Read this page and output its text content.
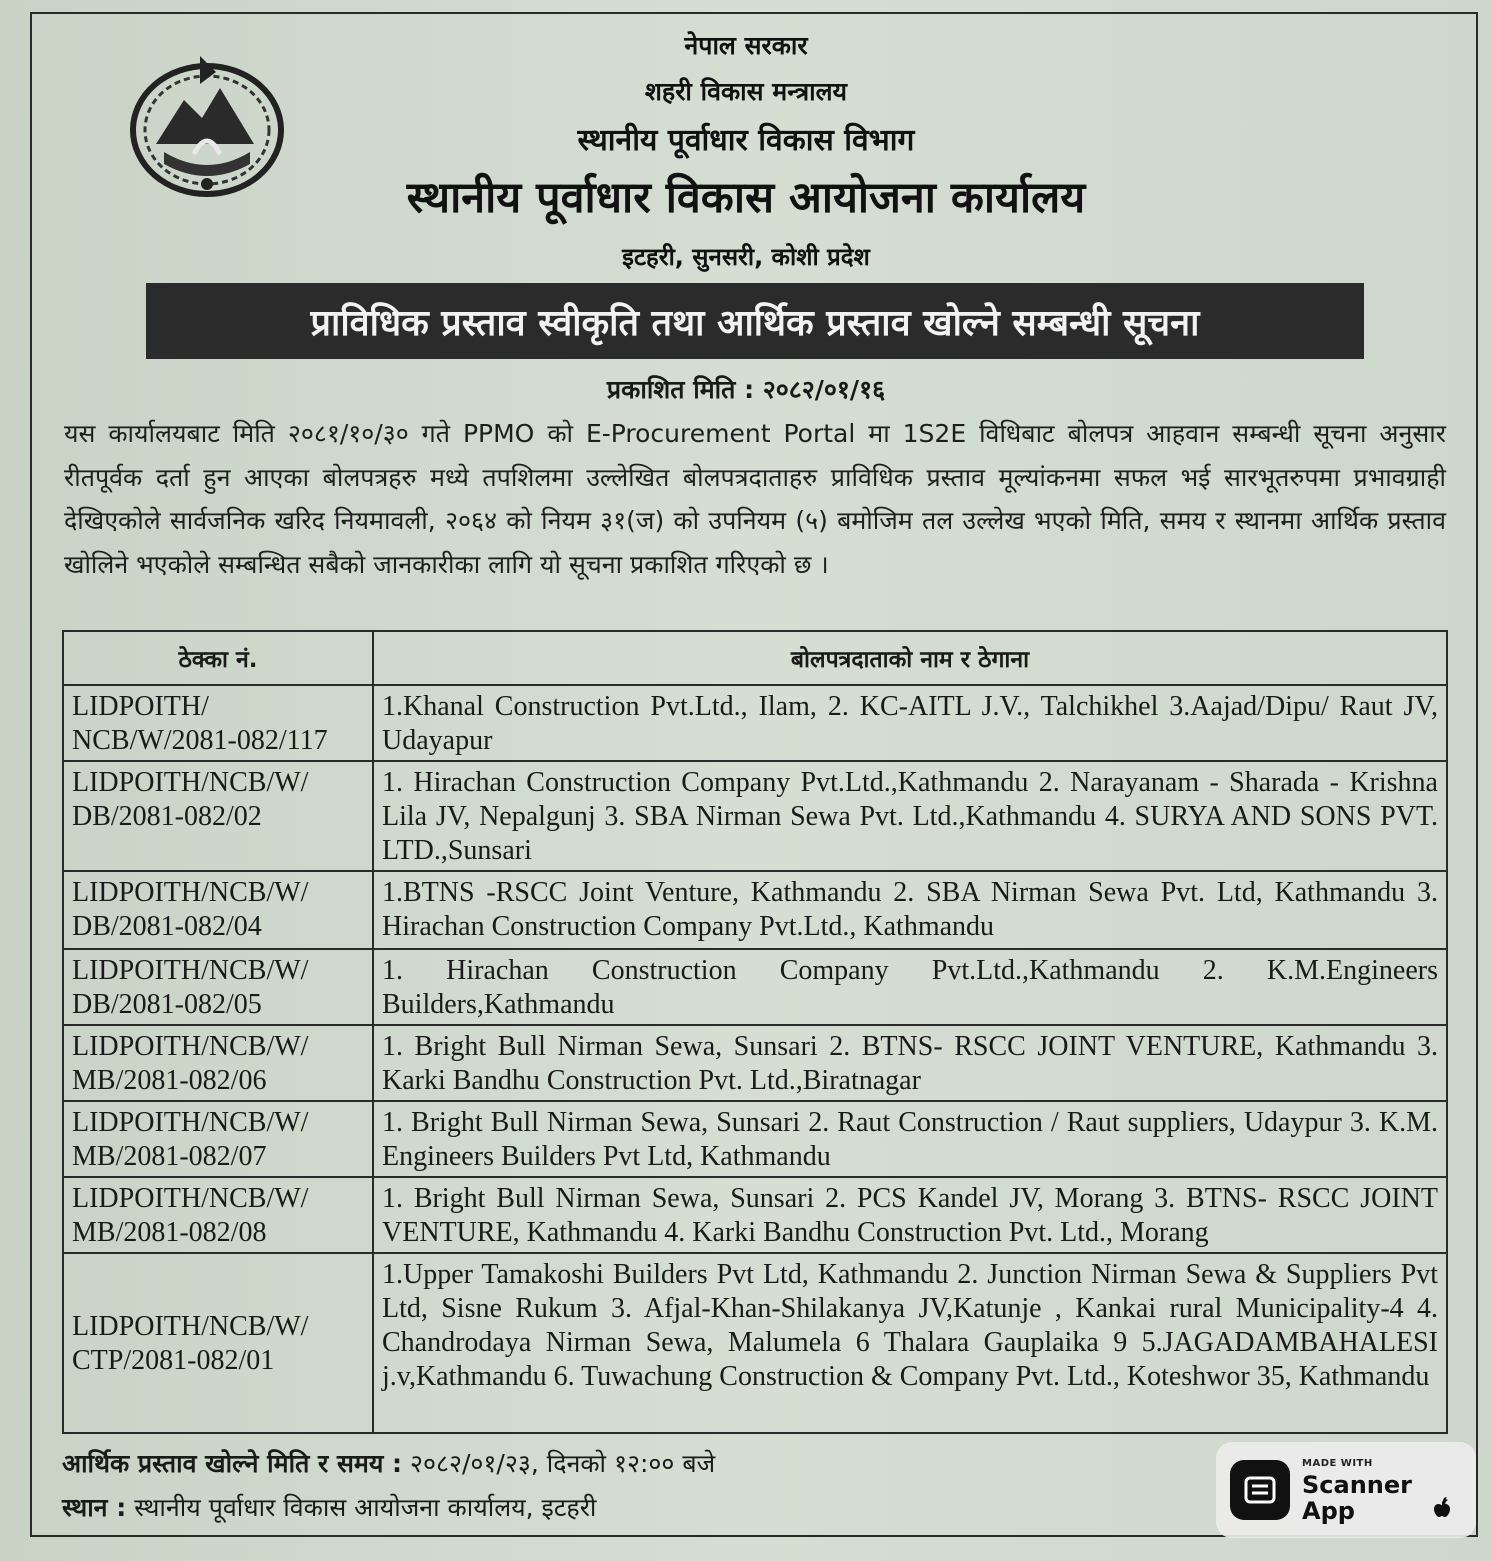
नेपाल सरकार
शहरी विकास मन्त्रालय
स्थानीय पूर्वाधार विकास विभाग
स्थानीय पूर्वाधार विकास आयोजना कार्यालय
इटहरी, सुनसरी, कोशी प्रदेश
प्राविधिक प्रस्ताव स्वीकृति तथा आर्थिक प्रस्ताव खोल्ने सम्बन्धी सूचना
प्रकाशित मिति : २०८२/०१/१६
यस कार्यालयबाट मिति २०८१/१०/३० गते PPMO को E-Procurement Portal मा 1S2E विधिबाट बोलपत्र आहवान सम्बन्धी सूचना अनुसार रीतपूर्वक दर्ता हुन आएका बोलपत्रहरु मध्ये तपशिलमा उल्लेखित बोलपत्रदाताहरु प्राविधिक प्रस्ताव मूल्यांकनमा सफल भई सारभूतरुपमा प्रभावग्राही देखिएकोले सार्वजनिक खरिद नियमावली, २०६४ को नियम ३१(ज) को उपनियम (५) बमोजिम तल उल्लेख भएको मिति, समय र स्थानमा आर्थिक प्रस्ताव खोलिने भएकोले सम्बन्धित सबैको जानकारीका लागि यो सूचना प्रकाशित गरिएको छ ।
ठेक्का नं.	बोलपत्रदाताको नाम र ठेगाना
LIDPOITH/ NCB/W/2081-082/117	1.Khanal Construction Pvt.Ltd., Ilam, 2. KC-AITL J.V., Talchikhel 3.Aajad/Dipu/ Raut JV, Udayapur
LIDPOITH/NCB/W/ DB/2081-082/02	1. Hirachan Construction Company Pvt.Ltd.,Kathmandu 2. Narayanam - Sharada - Krishna Lila JV, Nepalgunj 3. SBA Nirman Sewa Pvt. Ltd.,Kathmandu 4. SURYA AND SONS PVT. LTD.,Sunsari
LIDPOITH/NCB/W/ DB/2081-082/04	1.BTNS -RSCC Joint Venture, Kathmandu 2. SBA Nirman Sewa Pvt. Ltd, Kathmandu 3. Hirachan Construction Company Pvt.Ltd., Kathmandu
LIDPOITH/NCB/W/ DB/2081-082/05	1. Hirachan Construction Company Pvt.Ltd.,Kathmandu 2. K.M.Engineers Builders,Kathmandu
LIDPOITH/NCB/W/ MB/2081-082/06	1. Bright Bull Nirman Sewa, Sunsari 2. BTNS- RSCC JOINT VENTURE, Kathmandu 3. Karki Bandhu Construction Pvt. Ltd.,Biratnagar
LIDPOITH/NCB/W/ MB/2081-082/07	1. Bright Bull Nirman Sewa, Sunsari 2. Raut Construction / Raut suppliers, Udaypur 3. K.M. Engineers Builders Pvt Ltd, Kathmandu
LIDPOITH/NCB/W/ MB/2081-082/08	1. Bright Bull Nirman Sewa, Sunsari 2. PCS Kandel JV, Morang 3. BTNS- RSCC JOINT VENTURE, Kathmandu 4. Karki Bandhu Construction Pvt. Ltd., Morang
LIDPOITH/NCB/W/ CTP/2081-082/01	1.Upper Tamakoshi Builders Pvt Ltd, Kathmandu 2. Junction Nirman Sewa & Suppliers Pvt Ltd, Sisne Rukum 3. Afjal-Khan-Shilakanya JV,Katunje , Kankai rural Municipality-4 4. Chandrodaya Nirman Sewa, Malumela 6 Thalara Gauplaika 9 5.JAGADAMBAHALESI j.v,Kathmandu 6. Tuwachung Construction & Company Pvt. Ltd., Koteshwor 35, Kathmandu
आर्थिक प्रस्ताव खोल्ने मिति र समय : २०८२/०१/२३, दिनको १२:०० बजे
स्थान : स्थानीय पूर्वाधार विकास आयोजना कार्यालय, इटहरी
MADE WITH
Scanner App
